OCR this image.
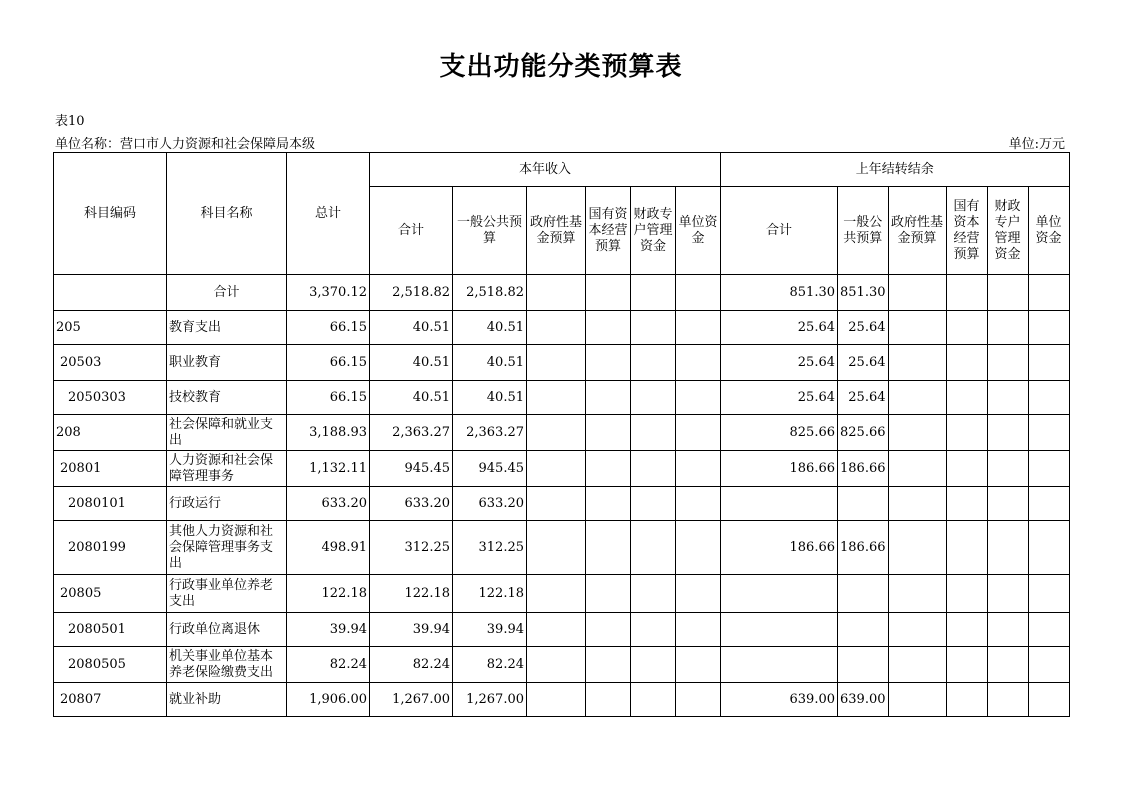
支出功能分类预算表
表10
单位名称：营口市人力资源和社会保障局本级	单位:万元
科目编码	科目名称	总计	本年收入						上年结转结余					
			合计	一般公共预算	政府性基金预算	国有资本经营预算	财政专户管理资金	单位资金	合计	一般公共预算	政府性基金预算	国有资本经营预算	财政专户管理资金	单位资金
	合计	3,370.12	2,518.82	2,518.82					851.30	851.30				
205	教育支出	66.15	40.51	40.51					25.64	25.64				
20503	职业教育	66.15	40.51	40.51					25.64	25.64				
2050303	技校教育	66.15	40.51	40.51					25.64	25.64				
208	社会保障和就业支出	3,188.93	2,363.27	2,363.27					825.66	825.66				
20801	人力资源和社会保障管理事务	1,132.11	945.45	945.45					186.66	186.66				
2080101	行政运行	633.20	633.20	633.20										
2080199	其他人力资源和社会保障管理事务支出	498.91	312.25	312.25					186.66	186.66				
20805	行政事业单位养老支出	122.18	122.18	122.18										
2080501	行政单位离退休	39.94	39.94	39.94										
2080505	机关事业单位基本养老保险缴费支出	82.24	82.24	82.24										
20807	就业补助	1,906.00	1,267.00	1,267.00					639.00	639.00				
